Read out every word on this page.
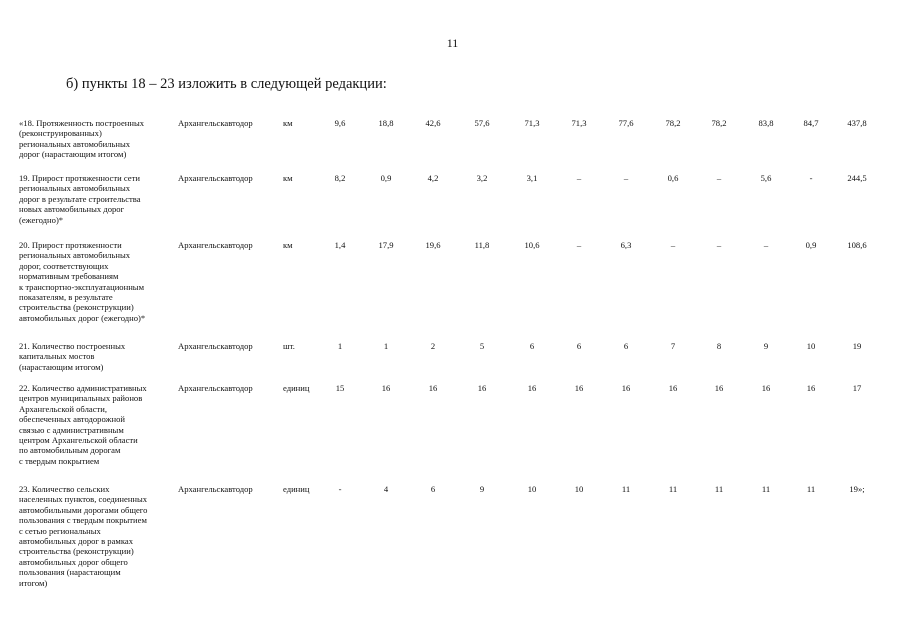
11
б) пункты 18 – 23 изложить в следующей редакции:
«18. Протяженность построенных
(реконструированных)
региональных автомобильных
дорог (нарастающим итогом)
Архангельскавтодор	км	9,6	18,8	42,6	57,6	71,3	71,3	77,6	78,2	78,2	83,8	84,7	437,8
19. Прирост протяженности сети
региональных автомобильных
дорог в результате строительства
новых автомобильных дорог
(ежегодно)*
Архангельскавтодор	км	8,2	0,9	4,2	3,2	3,1	–	–	0,6	–	5,6	-	244,5
20. Прирост протяженности
региональных автомобильных
дорог, соответствующих
нормативным требованиям
к транспортно-эксплуатационным
показателям, в результате
строительства (реконструкции)
автомобильных дорог (ежегодно)*
Архангельскавтодор	км	1,4	17,9	19,6	11,8	10,6	–	6,3	–	–	–	0,9	108,6
21. Количество построенных
капитальных мостов
(нарастающим итогом)
Архангельскавтодор	шт.	1	1	2	5	6	6	6	7	8	9	10	19
22. Количество административных
центров муниципальных районов
Архангельской области,
обеспеченных автодорожной
связью с административным
центром Архангельской области
по автомобильным дорогам
с твердым покрытием
Архангельскавтодор	единиц	15	16	16	16	16	16	16	16	16	16	16	17
23. Количество сельских
населенных пунктов, соединенных
автомобильными дорогами общего
пользования с твердым покрытием
с сетью региональных
автомобильных дорог в рамках
строительства (реконструкции)
автомобильных дорог общего
пользования (нарастающим
итогом)
Архангельскавтодор	единиц	-	4	6	9	10	10	11	11	11	11	11	19»;
